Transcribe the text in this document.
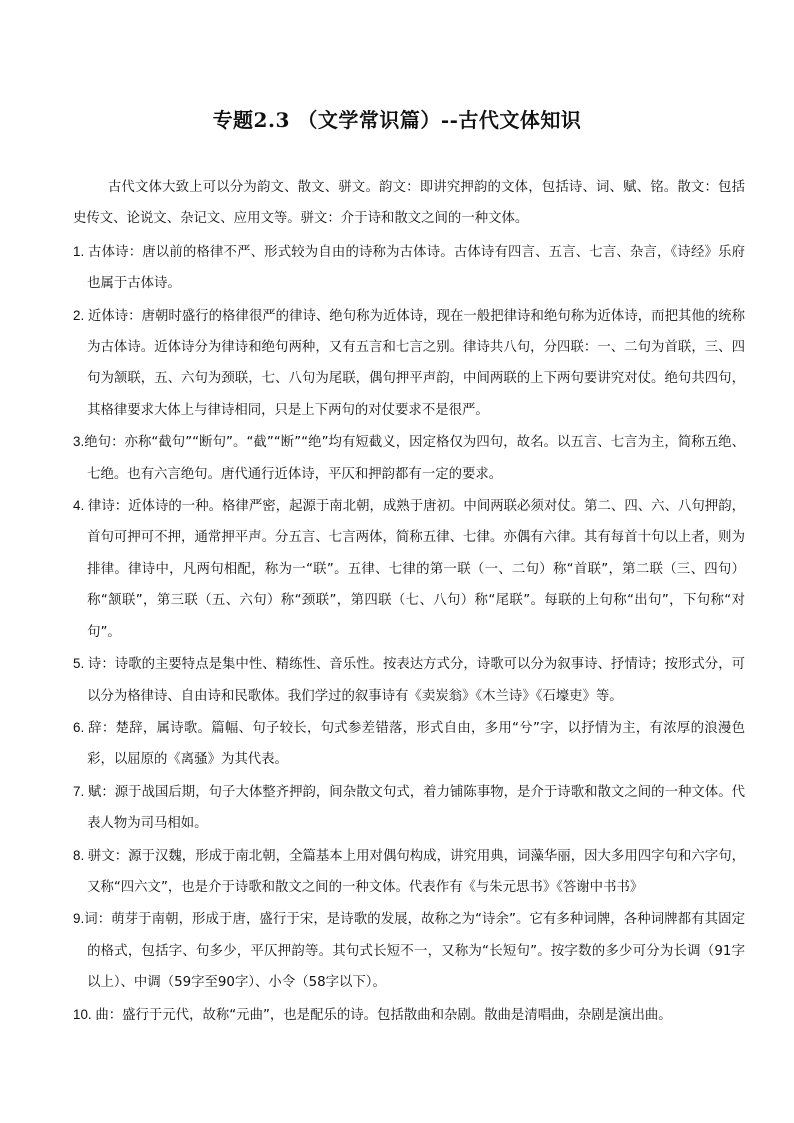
专题2.3 （文学常识篇）--古代文体知识

古代文体大致上可以分为韵文、散文、骈文。韵文：即讲究押韵的文体，包括诗、词、赋、铭。散文：包括史传文、论说文、杂记文、应用文等。骈文：介于诗和散文之间的一种文体。

1. 古体诗：唐以前的格律不严、形式较为自由的诗称为古体诗。古体诗有四言、五言、七言、杂言，《诗经》乐府也属于古体诗。

2. 近体诗：唐朝时盛行的格律很严的律诗、绝句称为近体诗，现在一般把律诗和绝句称为近体诗，而把其他的统称为古体诗。近体诗分为律诗和绝句两种，又有五言和七言之别。律诗共八句，分四联：一、二句为首联，三、四句为颔联，五、六句为颈联，七、八句为尾联，偶句押平声韵，中间两联的上下两句要讲究对仗。绝句共四句，其格律要求大体上与律诗相同，只是上下两句的对仗要求不是很严。

3.绝句：亦称“截句”“断句”。“截”“断”“绝”均有短截义，因定格仅为四句，故名。以五言、七言为主，简称五绝、七绝。也有六言绝句。唐代通行近体诗，平仄和押韵都有一定的要求。

4. 律诗：近体诗的一种。格律严密，起源于南北朝，成熟于唐初。中间两联必须对仗。第二、四、六、八句押韵，首句可押可不押，通常押平声。分五言、七言两体，简称五律、七律。亦偶有六律。其有每首十句以上者，则为排律。律诗中，凡两句相配，称为一“联”。五律、七律的第一联（一、二句）称“首联”，第二联（三、四句）称“颔联”，第三联（五、六句）称“颈联”，第四联（七、八句）称“尾联”。每联的上句称“出句”，下句称“对句”。

5. 诗：诗歌的主要特点是集中性、精练性、音乐性。按表达方式分，诗歌可以分为叙事诗、抒情诗；按形式分，可以分为格律诗、自由诗和民歌体。我们学过的叙事诗有《卖炭翁》《木兰诗》《石壕吏》等。

6. 辞：楚辞，属诗歌。篇幅、句子较长，句式参差错落，形式自由，多用“兮”字，以抒情为主，有浓厚的浪漫色彩，以屈原的《离骚》为其代表。

7. 赋：源于战国后期，句子大体整齐押韵，间杂散文句式，着力铺陈事物，是介于诗歌和散文之间的一种文体。代表人物为司马相如。

8. 骈文：源于汉魏，形成于南北朝，全篇基本上用对偶句构成，讲究用典，词藻华丽，因大多用四字句和六字句，又称“四六文”，也是介于诗歌和散文之间的一种文体。代表作有《与朱元思书》《答谢中书书》

9.词：萌芽于南朝，形成于唐，盛行于宋，是诗歌的发展，故称之为“诗余”。它有多种词牌，各种词牌都有其固定的格式，包括字、句多少，平仄押韵等。其句式长短不一，又称为“长短句”。按字数的多少可分为长调（91字以上）、中调（59字至90字）、小令（58字以下）。

10. 曲：盛行于元代，故称“元曲”，也是配乐的诗。包括散曲和杂剧。散曲是清唱曲，杂剧是演出曲。
